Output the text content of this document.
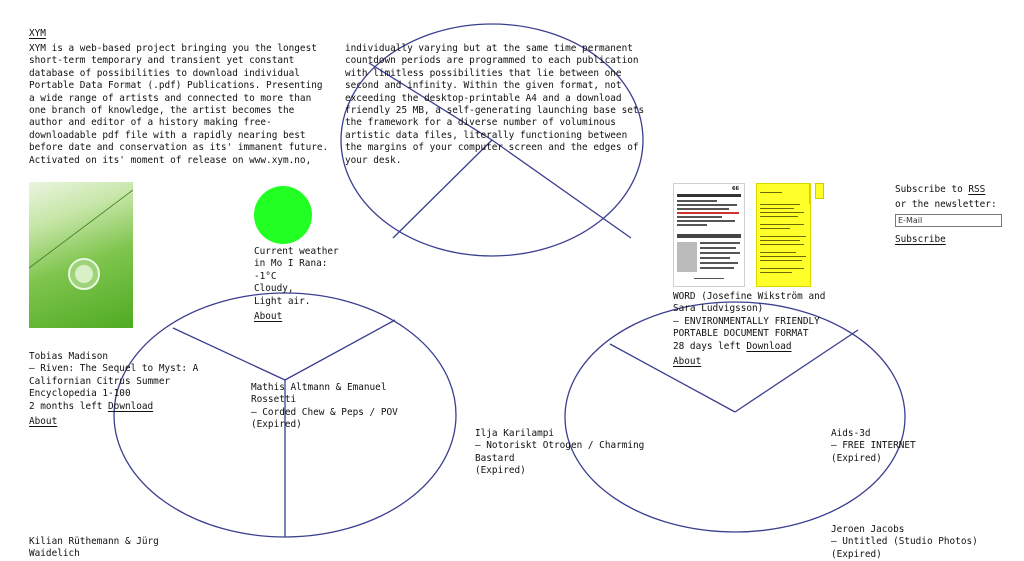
XYM
XYM is a web-based project bringing you the longest short-term temporary and transient yet constant database of possibilities to download individual Portable Data Format (.pdf) Publications. Presenting a wide range of artists and connected to more than one branch of knowledge, the artist becomes the author and editor of a history making free-downloadable pdf file with a rapidly nearing best before date and conservation as its' immanent future. Activated on its' moment of release on www.xym.no,
individually varying but at the same time permanent countdown periods are programmed to each publication with limitless possibilities that lie between one second and infinity. Within the given format, not exceeding the desktop-printable A4 and a download friendly 25 MB, a self-generating launching base sets the framework for a diverse number of voluminous artistic data files, literally functioning between the margins of your computer screen and the edges of your desk.
Current weather
in Mo I Rana:
-1°C
Cloudy,
Light air.
About
Tobias Madison
— Riven: The Sequel to Myst: A
Californian Citrus Summer
Encyclopedia 1-100
2 months left Download
About
Mathis Altmann & Emanuel
Rossetti
— Corded Chew & Peps / POV
(Expired)
Ilja Karilampi
— Notoriskt Otrogen / Charming
Bastard
(Expired)
66
WORD (Josefine Wikström and
Sara Ludvigsson)
— ENVIRONMENTALLY FRIENDLY
PORTABLE DOCUMENT FORMAT
28 days left Download
About
Aids-3d
— FREE INTERNET
(Expired)
Jeroen Jacobs
— Untitled (Studio Photos)
(Expired)
Kilian Rüthemann & Jürg
Waidelich
Subscribe to RSS
or the newsletter:
E-Mail
Subscribe
